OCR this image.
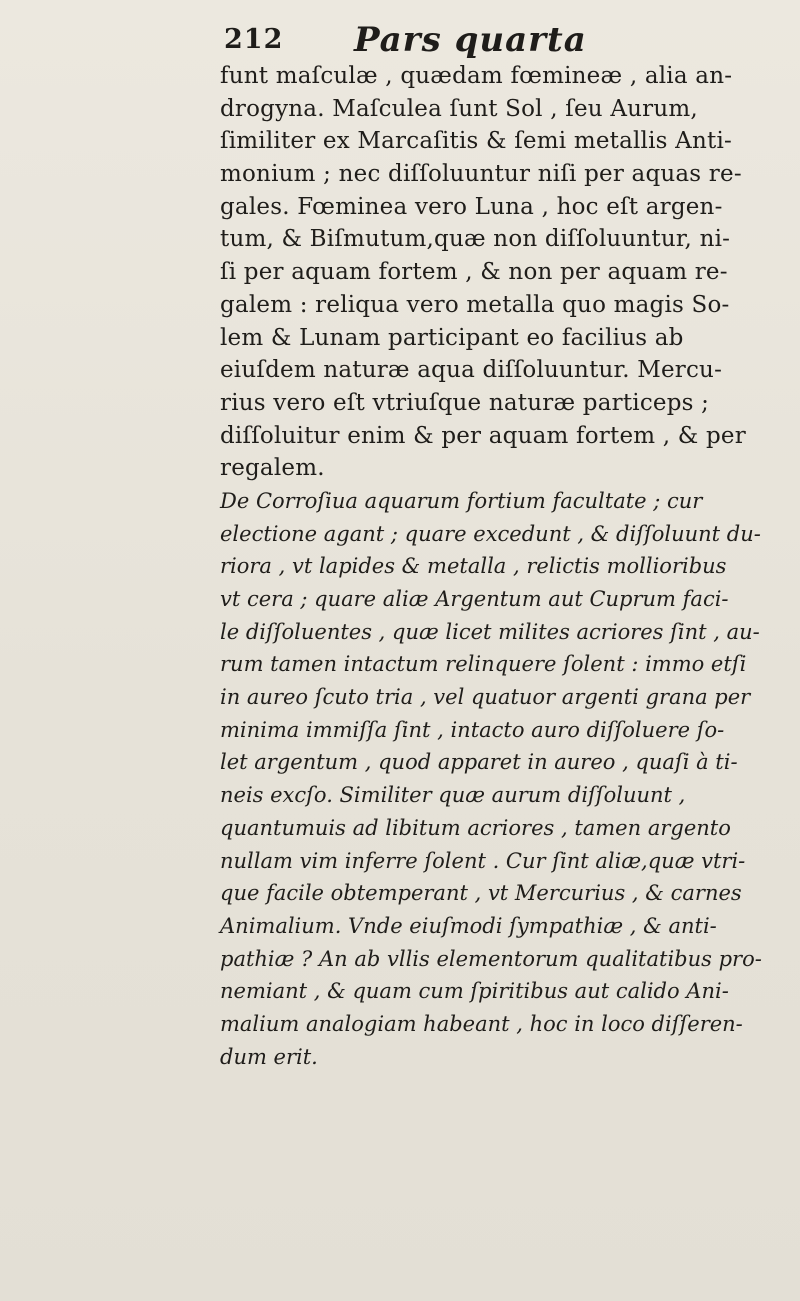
212 Pars quarta
funt maſculæ , quædam fœmineæ , alia an-
drogyna. Maſculea ſunt Sol , ſeu Aurum,
ſimiliter ex Marcaſitis & ſemi metallis Anti-
monium ; nec diſſoluuntur niſi per aquas re-
gales. Fœminea vero Luna , hoc eſt argen-
tum, & Biſmutum,quæ non diſſoluuntur, ni-
ſi per aquam fortem , & non per aquam re-
galem : reliqua vero metalla quo magis So-
lem & Lunam participant eo facilius ab
eiuſdem naturæ aqua diſſoluuntur. Mercu-
rius vero eſt vtriuſque naturæ particeps ;
diſſoluitur enim & per aquam fortem , & per
regalem.
De Corroſiua aquarum fortium facultate ; cur
electione agant ; quare excedunt , & diſſoluunt du-
riora , vt lapides & metalla , relictis mollioribus
vt cera ; quare aliæ Argentum aut Cuprum faci-
le diſſoluentes , quæ licet milites acriores ſint , au-
rum tamen intactum relinquere ſolent : immo etſi
in aureo ſcuto tria , vel quatuor argenti grana per
minima immiſſa ſint , intacto auro diſſoluere ſo-
let argentum , quod apparet in aureo , quaſi à ti-
neis excſo. Similiter quæ aurum diſſoluunt ,
quantumuis ad libitum acriores , tamen argento
nullam vim inferre ſolent . Cur ſint aliæ,quæ vtri-
que facile obtemperant , vt Mercurius , & carnes
Animalium. Vnde eiuſmodi ſympathiæ , & anti-
pathiæ ? An ab vllis elementorum qualitatibus pro-
nemiant , & quam cum ſpiritibus aut calido Ani-
malium analogiam habeant , hoc in loco diſſeren-
dum erit.
